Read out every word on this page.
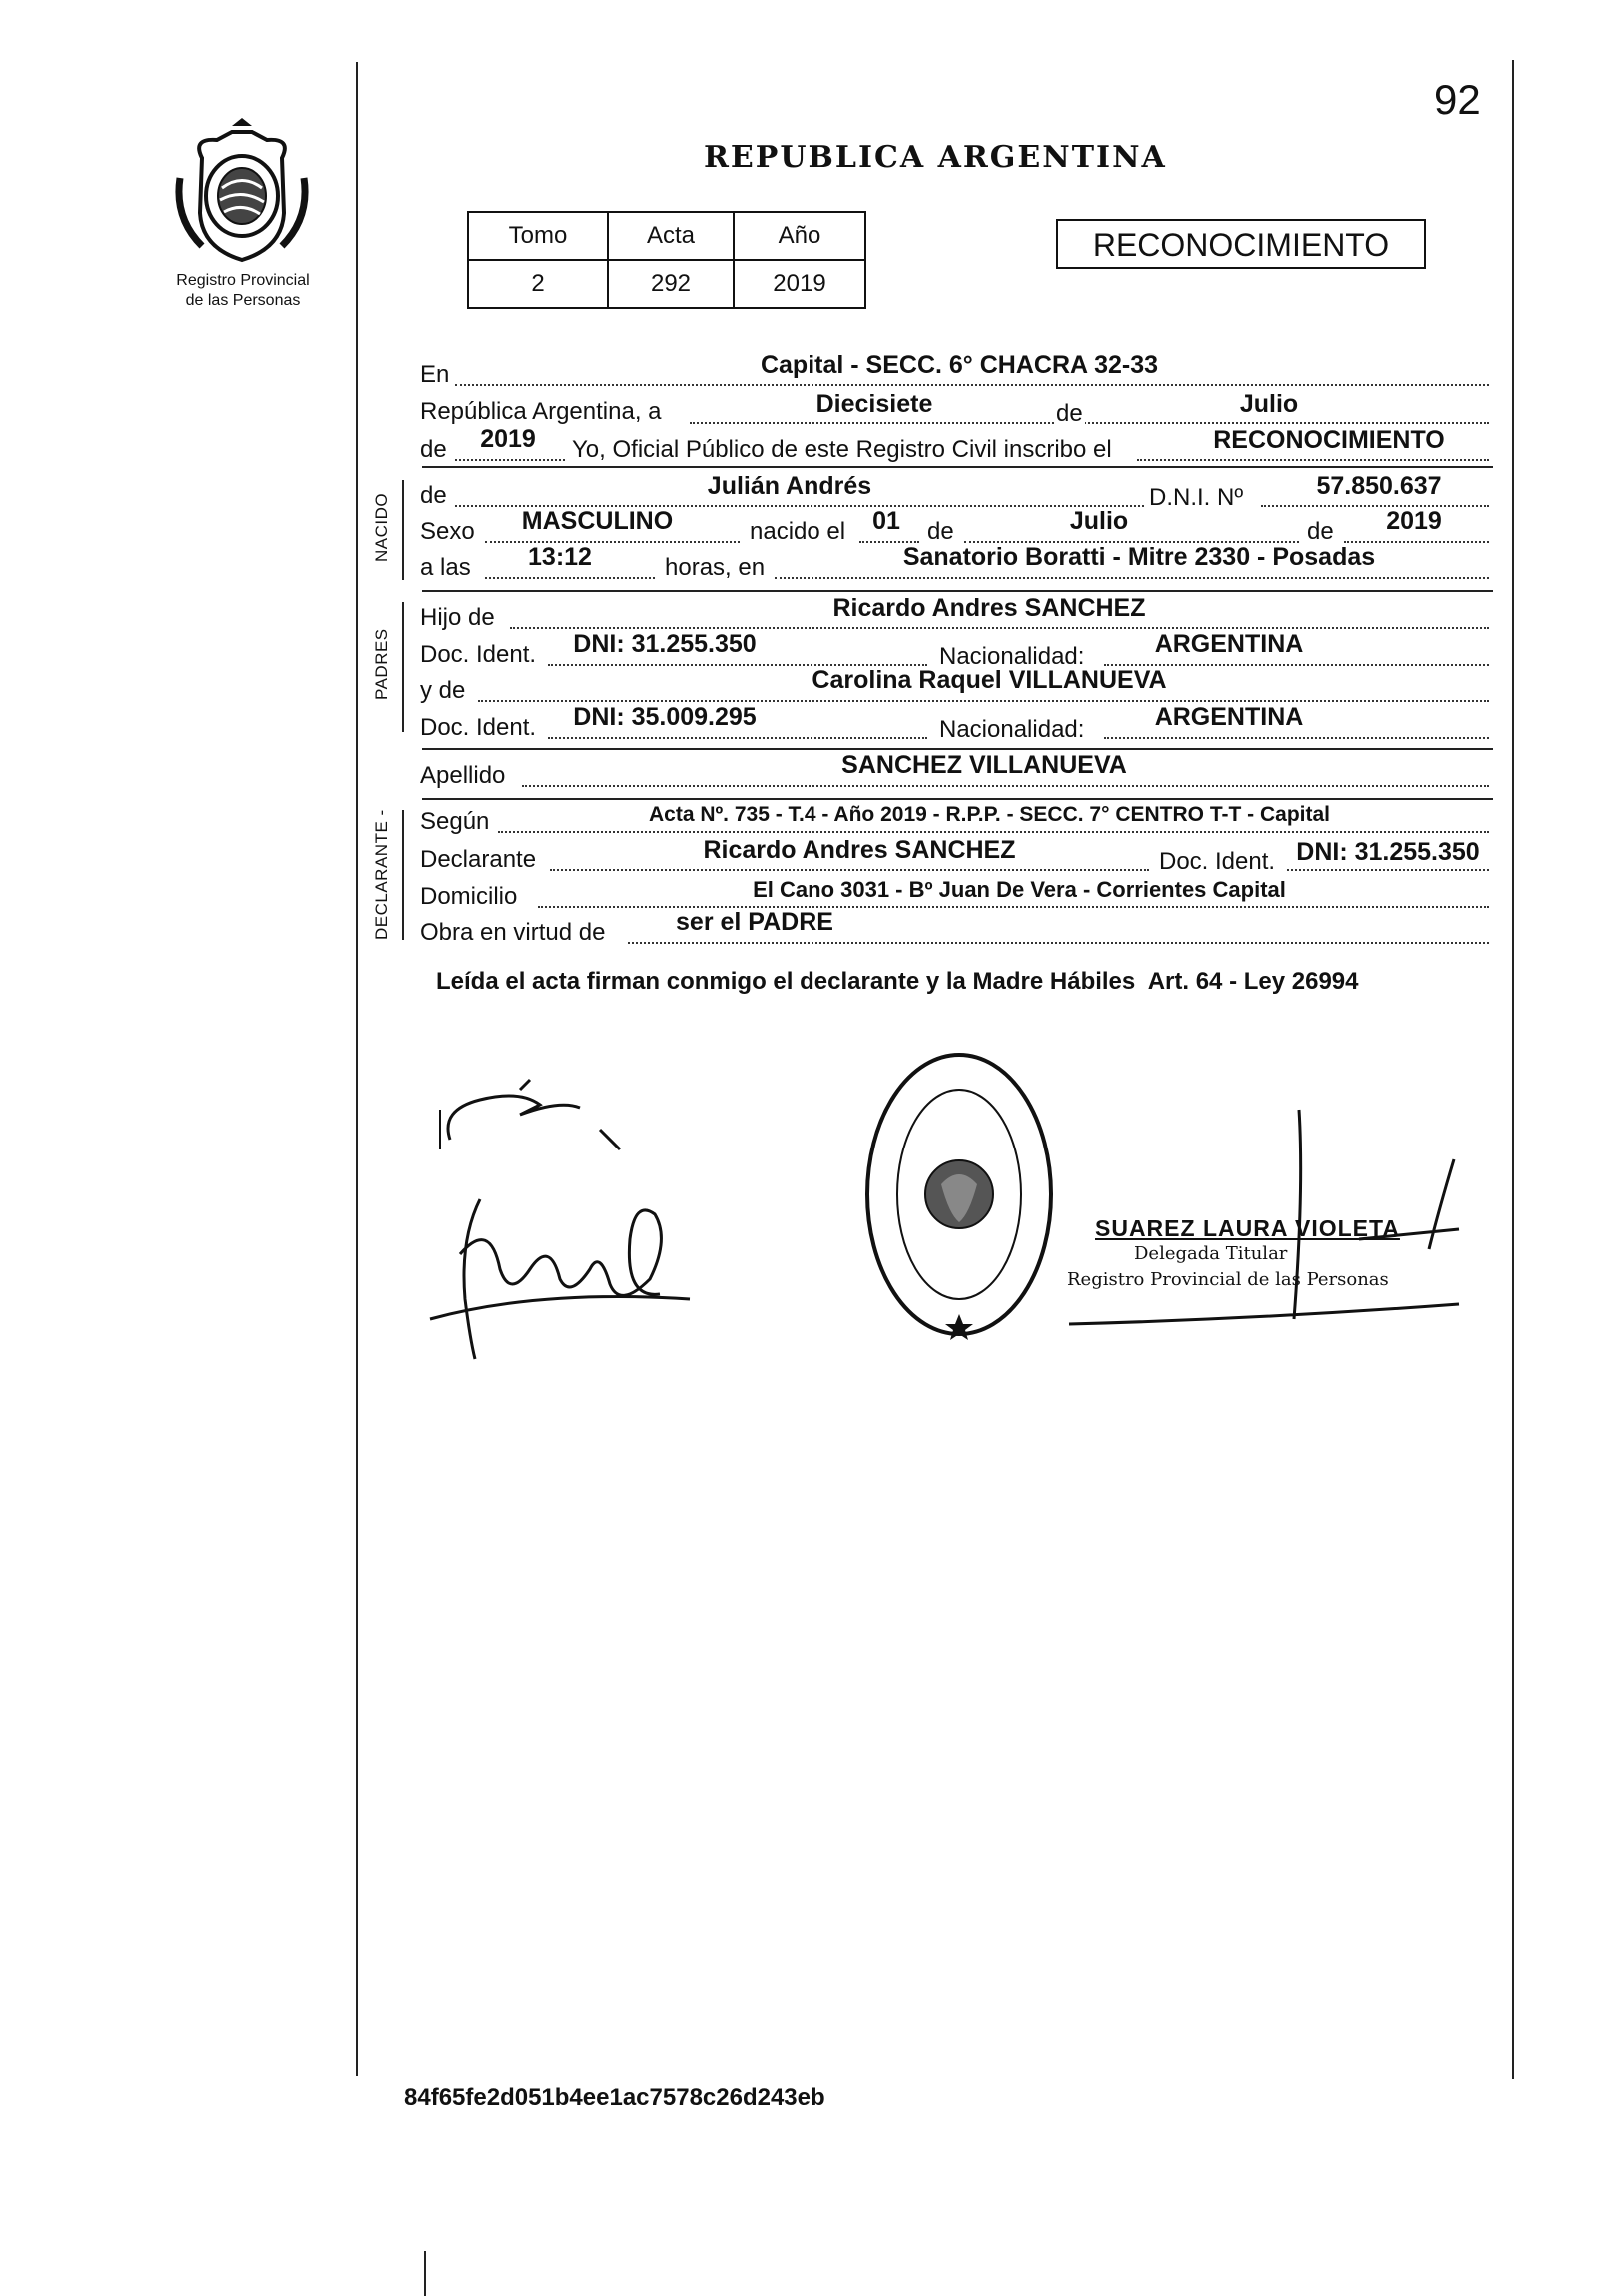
92
Registro Provincial
de las Personas
REPUBLICA ARGENTINA
Tomo	Acta	Año
2	292	2019
RECONOCIMIENTO
En	Capital - SECC. 6° CHACRA 32-33
República Argentina, a	Diecisiete	de	Julio
de	2019	Yo, Oficial Público de este Registro Civil inscribo el	RECONOCIMIENTO
NACIDO de	Julián Andrés	D.N.I. Nº	57.850.637
Sexo	MASCULINO	nacido el	01	de	Julio	de	2019
a las	13:12	horas, en	Sanatorio Boratti - Mitre 2330 - Posadas
PADRES
Hijo de	Ricardo Andres SANCHEZ
Doc. Ident.	DNI: 31.255.350	Nacionalidad:	ARGENTINA
y de	Carolina Raquel VILLANUEVA
Doc. Ident.	DNI: 35.009.295	Nacionalidad:	ARGENTINA
Apellido	SANCHEZ VILLANUEVA
DECLARANTE - Según	Acta Nº. 735 - T.4 - Año 2019 - R.P.P. - SECC. 7° CENTRO T-T - Capital
Declarante	Ricardo Andres SANCHEZ	Doc. Ident. DNI: 31.255.350
Domicilio	El Cano 3031 - Bº Juan De Vera - Corrientes Capital
Obra en virtud de	ser el PADRE
Leída el acta firman conmigo el declarante y la Madre Hábiles  Art. 64 - Ley 26994
SUAREZ LAURA VIOLETA
Delegada Titular
Registro Provincial de las Personas
84f65fe2d051b4ee1ac7578c26d243eb
